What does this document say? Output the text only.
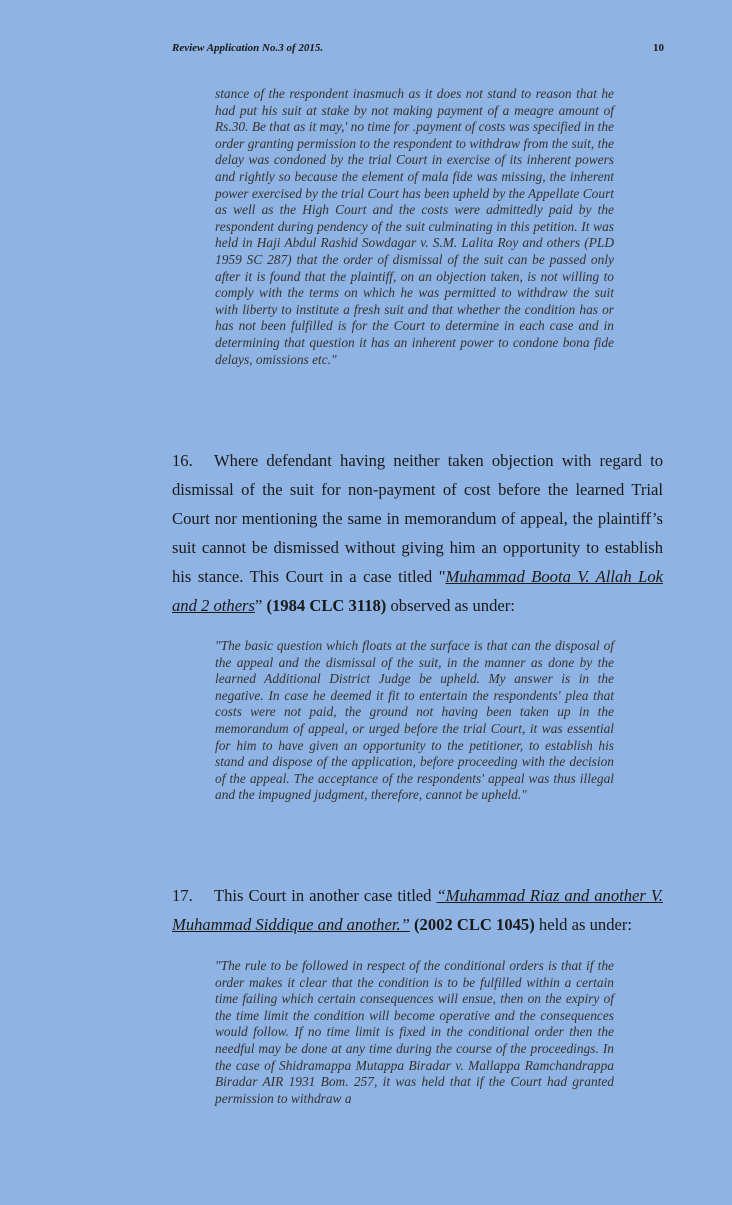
Review Application No.3 of 2015.	10
stance of the respondent inasmuch as it does not stand to reason that he had put his suit at stake by not making payment of a meagre amount of Rs.30. Be that as it may,' no time for .payment of costs was specified in the order granting permission to the respondent to withdraw from the suit, the delay was condoned by the trial Court in exercise of its inherent powers and rightly so because the element of mala fide was missing, the inherent power exercised by the trial Court has been upheld by the Appellate Court as well as the High Court and the costs were admittedly paid by the respondent during pendency of the suit culminating in this petition. It was held in Haji Abdul Rashid Sowdagar v. S.M. Lalita Roy and others (PLD 1959 SC 287) that the order of dismissal of the suit can be passed only after it is found that the plaintiff, on an objection taken, is not willing to comply with the terms on which he was permitted to withdraw the suit with liberty to institute a fresh suit and that whether the condition has or has not been fulfilled is for the Court to determine in each case and in determining that question it has an inherent power to condone bona fide delays, omissions etc."
16. Where defendant having neither taken objection with regard to dismissal of the suit for non-payment of cost before the learned Trial Court nor mentioning the same in memorandum of appeal, the plaintiff’s suit cannot be dismissed without giving him an opportunity to establish his stance. This Court in a case titled "Muhammad Boota V. Allah Lok and 2 others” (1984 CLC 3118) observed as under:
"The basic question which floats at the surface is that can the disposal of the appeal and the dismissal of the suit, in the manner as done by the learned Additional District Judge be upheld. My answer is in the negative. In case he deemed it fit to entertain the respondents' plea that costs were not paid, the ground not having been taken up in the memorandum of appeal, or urged before the trial Court, it was essential for him to have given an opportunity to the petitioner, to establish his stand and dispose of the application, before proceeding with the decision of the appeal. The acceptance of the respondents' appeal was thus illegal and the impugned judgment, therefore, cannot be upheld."
17. This Court in another case titled “Muhammad Riaz and another V. Muhammad Siddique and another.” (2002 CLC 1045) held as under:
"The rule to be followed in respect of the conditional orders is that if the order makes it clear that the condition is to be fulfilled within a certain time failing which certain consequences will ensue, then on the expiry of the time limit the condition will become operative and the consequences would follow. If no time limit is fixed in the conditional order then the needful may be done at any time during the course of the proceedings. In the case of Shidramappa Mutappa Biradar v. Mallappa Ramchandrappa Biradar AIR 1931 Bom. 257, it was held that if the Court had granted permission to withdraw a
